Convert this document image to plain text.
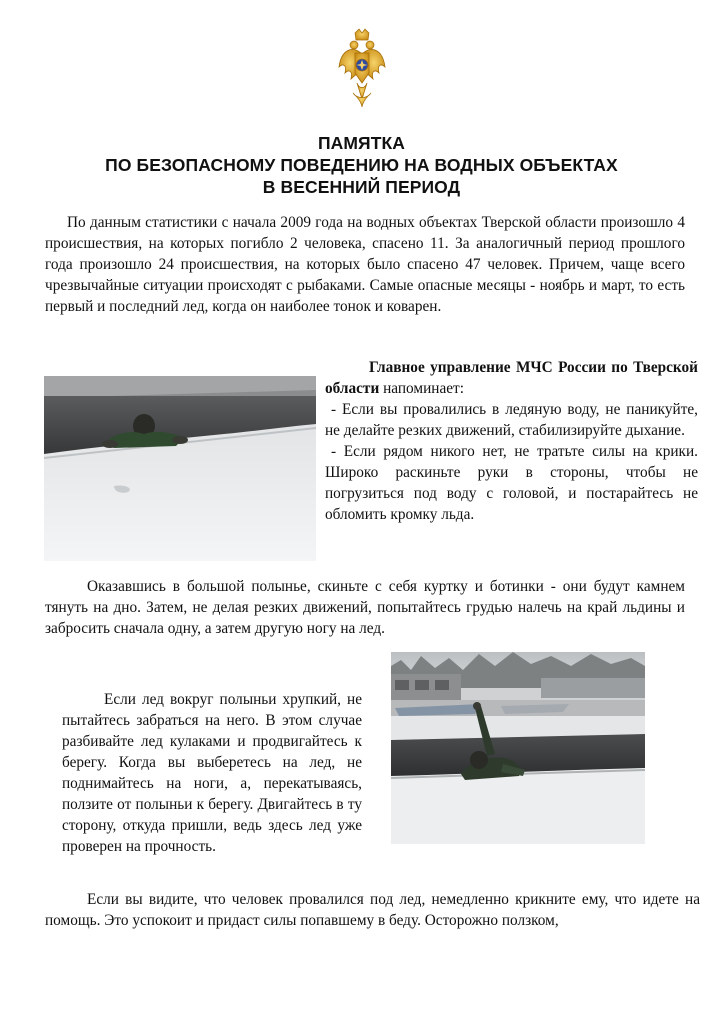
ПАМЯТКА
ПО БЕЗОПАСНОМУ ПОВЕДЕНИЮ НА ВОДНЫХ ОБЪЕКТАХ
В ВЕСЕННИЙ ПЕРИОД

По данным статистики с начала 2009 года на водных объектах Тверской области произошло 4 происшествия, на которых погибло 2 человека, спасено 11. За аналогичный период прошлого года произошло 24 происшествия, на которых было спасено 47 человек. Причем, чаще всего чрезвычайные ситуации происходят с рыбаками. Самые опасные месяцы - ноябрь и март, то есть первый и последний лед, когда он наиболее тонок и коварен.

Главное управление МЧС России по Тверской области напоминает:
- Если вы провалились в ледяную воду, не паникуйте, не делайте резких движений, стабилизируйте дыхание.
- Если рядом никого нет, не тратьте силы на крики. Широко раскиньте руки в стороны, чтобы не погрузиться под воду с головой, и постарайтесь не обломить кромку льда.

Оказавшись в большой полынье, скиньте с себя куртку и ботинки - они будут камнем тянуть на дно. Затем, не делая резких движений, попытайтесь грудью налечь на край льдины и забросить сначала одну, а затем другую ногу на лед.

Если лед вокруг полыньи хрупкий, не пытайтесь забраться на него. В этом случае разбивайте лед кулаками и продвигайтесь к берегу. Когда вы выберетесь на лед, не поднимайтесь на ноги, а, перекатываясь, ползите от полыньи к берегу. Двигайтесь в ту сторону, откуда пришли, ведь здесь лед уже проверен на прочность.

Если вы видите, что человек провалился под лед, немедленно крикните ему, что идете на помощь. Это успокоит и придаст силы попавшему в беду. Осторожно ползком,
